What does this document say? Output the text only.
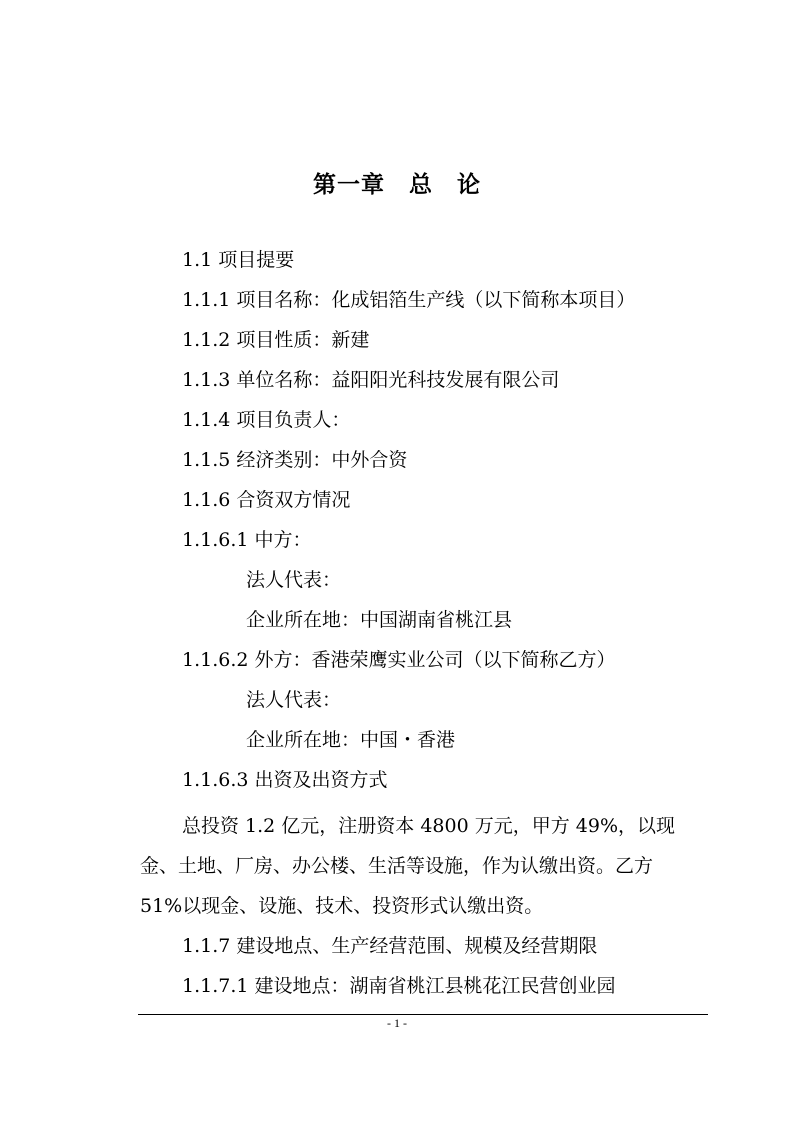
第一章　总　论
1.1 项目提要
1.1.1 项目名称：化成铝箔生产线（以下简称本项目）
1.1.2 项目性质：新建
1.1.3 单位名称：益阳阳光科技发展有限公司
1.1.4 项目负责人：
1.1.5 经济类别：中外合资
1.1.6 合资双方情况
1.1.6.1 中方：
法人代表：
企业所在地：中国湖南省桃江县
1.1.6.2 外方：香港荣鹰实业公司（以下简称乙方）
法人代表：
企业所在地：中国・香港
1.1.6.3 出资及出资方式
总投资 1.2 亿元，注册资本 4800 万元，甲方 49%，以现
金、土地、厂房、办公楼、生活等设施，作为认缴出资。乙方
51%以现金、设施、技术、投资形式认缴出资。
1.1.7 建设地点、生产经营范围、规模及经营期限
1.1.7.1 建设地点：湖南省桃江县桃花江民营创业园
- 1 -
